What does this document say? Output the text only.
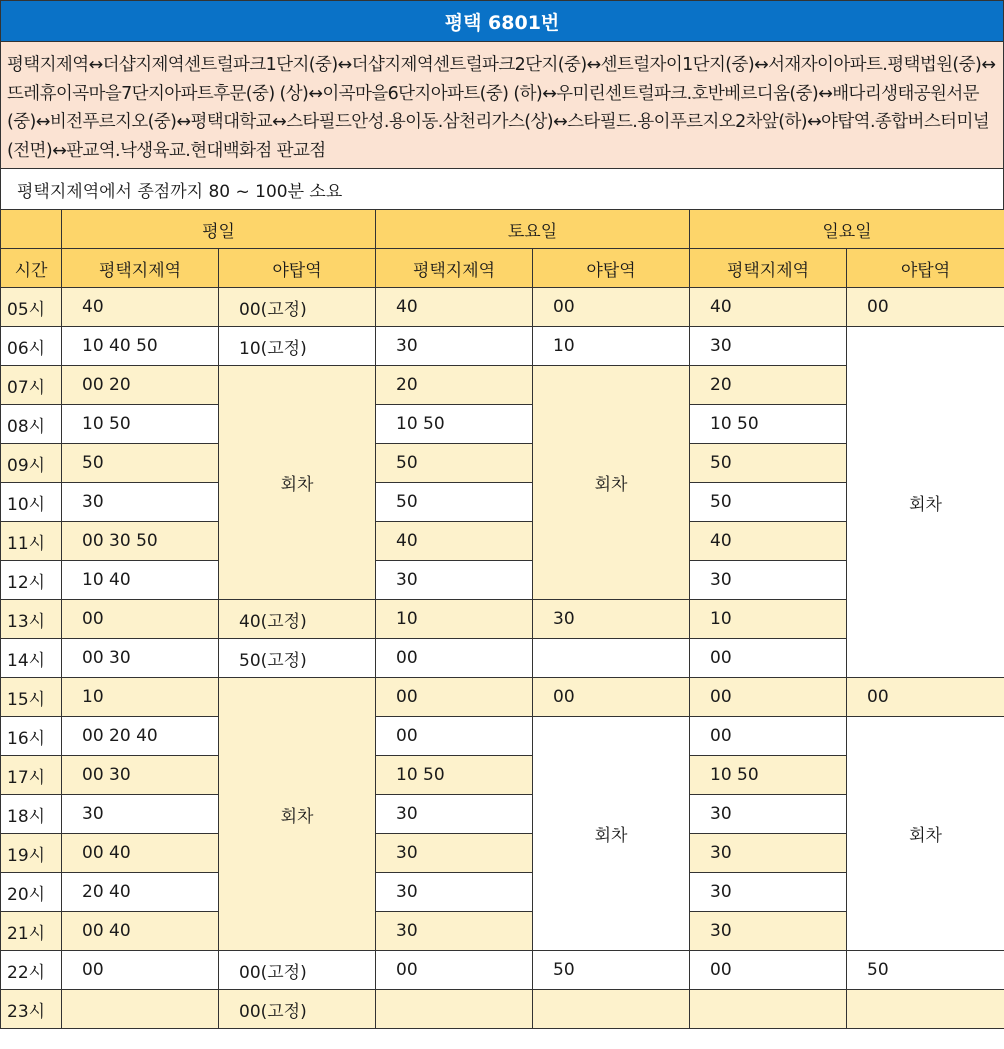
평택 6801번
평택지제역↔더샵지제역센트럴파크1단지(중)↔더샵지제역센트럴파크2단지(중)↔센트럴자이1단지(중)↔서재자이아파트.평택법원(중)↔뜨레휴이곡마을7단지아파트후문(중) (상)↔이곡마을6단지아파트(중) (하)↔우미린센트럴파크.호반베르디움(중)↔배다리생태공원서문(중)↔비전푸르지오(중)↔평택대학교↔스타필드안성.용이동.삼천리가스(상)↔스타필드.용이푸르지오2차앞(하)↔야탑역.종합버스터미널(전면)↔판교역.낙생육교.현대백화점 판교점
평택지제역에서 종점까지 80 ~ 100분 소요
	평일		토요일		일요일	
시간	평택지제역	야탑역	평택지제역	야탑역	평택지제역	야탑역
05시	40	00(고정)	40	00	40	00
06시	10 40 50	10(고정)	30	10	30	회차
07시	00 20	회차	20	회차	20	
08시	10 50		10 50		10 50	
09시	50		50		50	
10시	30		50		50	
11시	00 30 50		40		40	
12시	10 40		30		30	
13시	00	40(고정)	10	30	10	
14시	00 30	50(고정)	00		00	
15시	10	회차	00	00	00	00
16시	00 20 40		00	회차	00	회차
17시	00 30		10 50		10 50	
18시	30		30		30	
19시	00 40		30		30	
20시	20 40		30		30	
21시	00 40		30		30	
22시	00	00(고정)	00	50	00	50
23시		00(고정)				
